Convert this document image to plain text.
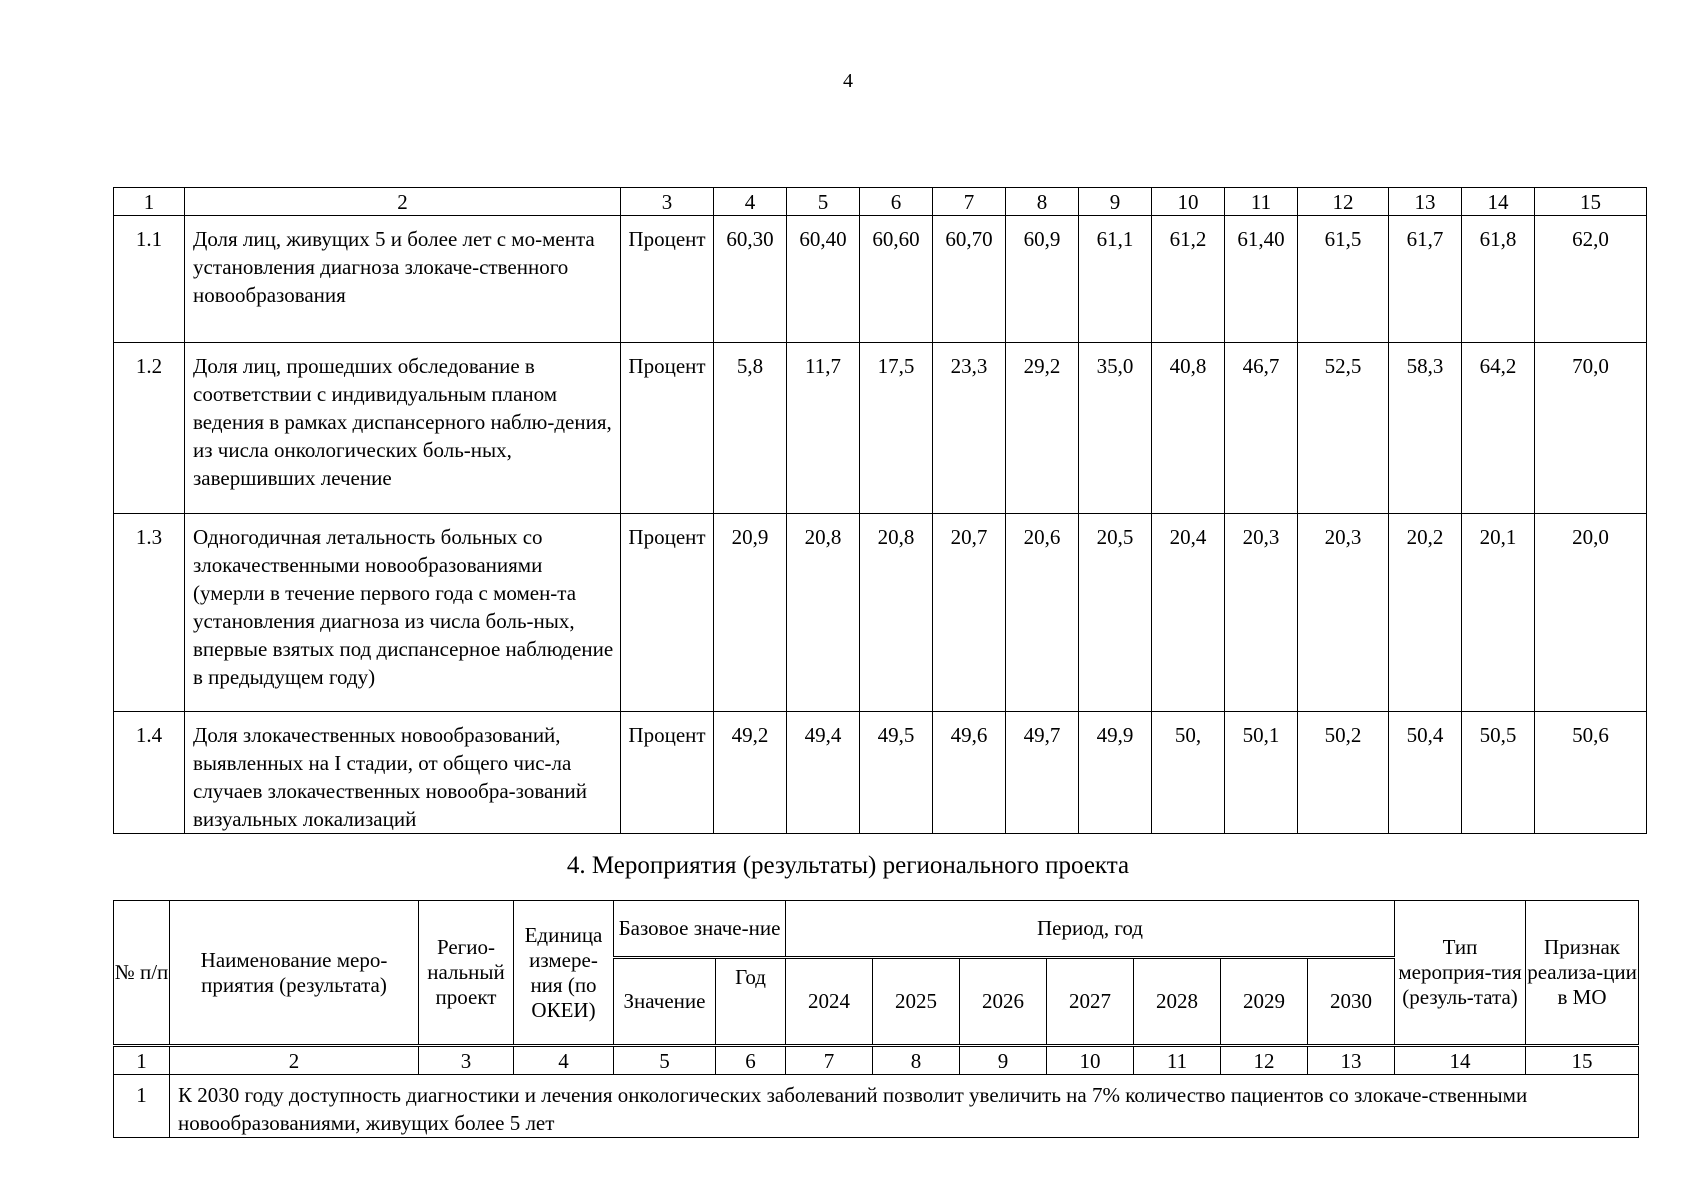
4
1	2	3	4	5	6	7	8	9	10	11	12	13	14	15
1.1	Доля лиц, живущих 5 и более лет с мо-мента установления диагноза злокаче-ственного новообразования	Процент	60,30	60,40	60,60	60,70	60,9	61,1	61,2	61,40	61,5	61,7	61,8	62,0
1.2	Доля лиц, прошедших обследование в соответствии с индивидуальным планом ведения в рамках диспансерного наблю-дения, из числа онкологических боль-ных, завершивших лечение	Процент	5,8	11,7	17,5	23,3	29,2	35,0	40,8	46,7	52,5	58,3	64,2	70,0
1.3	Одногодичная летальность больных со злокачественными новообразованиями (умерли в течение первого года с момен-та установления диагноза из числа боль-ных, впервые взятых под диспансерное наблюдение в предыдущем году)	Процент	20,9	20,8	20,8	20,7	20,6	20,5	20,4	20,3	20,3	20,2	20,1	20,0
1.4	Доля злокачественных новообразований, выявленных на I стадии, от общего чис-ла случаев злокачественных новообра-зований визуальных локализаций	Процент	49,2	49,4	49,5	49,6	49,7	49,9	50,	50,1	50,2	50,4	50,5	50,6
4. Мероприятия (результаты) регионального проекта
№ п/п	Наименование меро-приятия (результата)	Регио-нальный проект	Единица измере-ния (по ОКЕИ)	Базовое значе-ние		Период, год							Тип мероприя-тия (резуль-тата)	Признак реализа-ции в МО
				Значение	Год	2024	2025	2026	2027	2028	2029	2030		
1	2	3	4	5	6	7	8	9	10	11	12	13	14	15
1	К 2030 году доступность диагностики и лечения онкологических заболеваний позволит увеличить на 7% количество пациентов со злокаче-ственными новообразованиями, живущих более 5 лет													
